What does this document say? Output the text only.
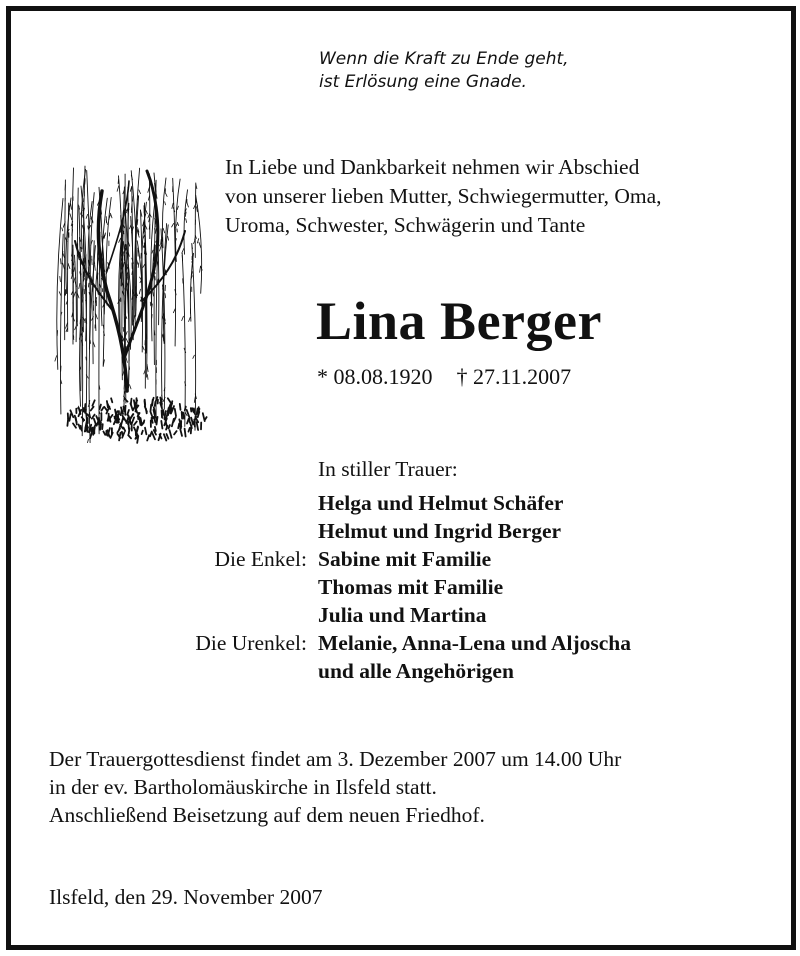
Wenn die Kraft zu Ende geht,
ist Erlösung eine Gnade.
In Liebe und Dankbarkeit nehmen wir Abschied
von unserer lieben Mutter, Schwiegermutter, Oma,
Uroma, Schwester, Schwägerin und Tante
Lina Berger
* 08.08.1920 † 27.11.2007
In stiller Trauer:
Helga und Helmut Schäfer
Helmut und Ingrid Berger
Die Enkel: Sabine mit Familie
Thomas mit Familie
Julia und Martina
Die Urenkel: Melanie, Anna-Lena und Aljoscha
und alle Angehörigen
Der Trauergottesdienst findet am 3. Dezember 2007 um 14.00 Uhr
in der ev. Bartholomäuskirche in Ilsfeld statt.
Anschließend Beisetzung auf dem neuen Friedhof.
Ilsfeld, den 29. November 2007
